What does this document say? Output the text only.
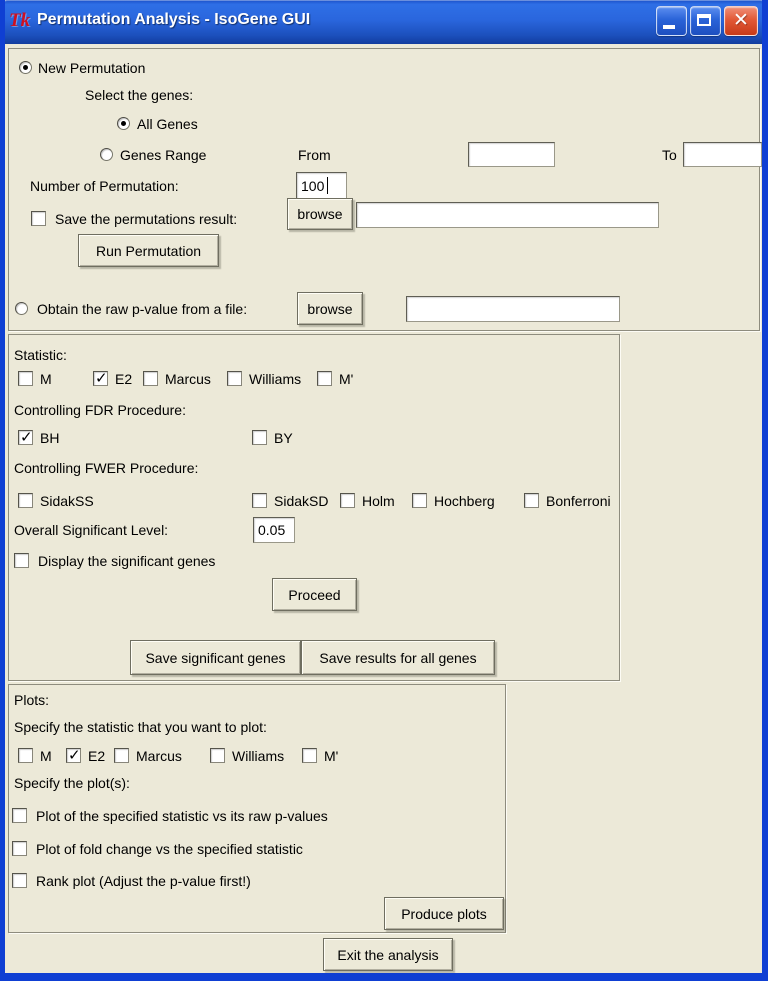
Tk Permutation Analysis - IsoGene GUI
✕
New Permutation
Select the genes:
All Genes
Genes Range	From	To
Number of Permutation:
100
Save the permutations result:	browse
Run Permutation
Obtain the raw p-value from a file:	browse
Statistic:
M ✓	E2 Marcus	Williams	M'
Controlling FDR Procedure:
✓
BH	BY
Controlling FWER Procedure:
SidakSS	SidakSD Holm	Hochberg	Bonferroni
Overall Significant Level:
0.05
Display the significant genes
Proceed
Save significant genes	Save results for all genes
Plots:
Specify the statistic that you want to plot:
M ✓	E2 Marcus	Williams	M'
Specify the plot(s):
Plot of the specified statistic vs its raw p-values
Plot of fold change vs the specified statistic
Rank plot (Adjust the p-value first!)
Produce plots
Exit the analysis
